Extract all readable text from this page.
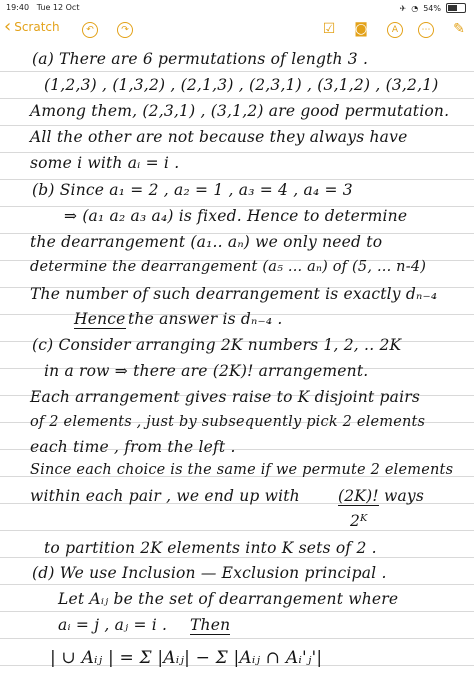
19:40 Tue 12 Oct	✈ ◔ 54%
‹ Scratch	↶	↷	☑ ◙	A	⋯ ✎
(a) There are 6 permutations of length 3 .
(1,2,3) , (1,3,2) , (2,1,3) , (2,3,1) , (3,1,2) , (3,2,1)
Among them, (2,3,1) , (3,1,2) are good permutation.
All the other are not because they always have
some i with aᵢ = i .
(b) Since a₁ = 2 , a₂ = 1 , a₃ = 4 , a₄ = 3
⇒ (a₁ a₂ a₃ a₄) is fixed. Hence to determine
the dearrangement (a₁.. aₙ) we only need to
determine the dearrangement (a₅ ... aₙ) of (5, ... n-4)
The number of such dearrangement is exactly dₙ₋₄
Hence the answer is dₙ₋₄ .
(c) Consider arranging 2K numbers 1, 2, .. 2K
in a row ⇒ there are (2K)! arrangement.
Each arrangement gives raise to K disjoint pairs
of 2 elements , just by subsequently pick 2 elements
each time , from the left .
Since each choice is the same if we permute 2 elements
within each pair , we end up with (2K)! ways
2ᴷ
to partition 2K elements into K sets of 2 .
(d) We use Inclusion — Exclusion principal .
Let Aᵢⱼ be the set of dearrangement where
aᵢ = j , aⱼ = i . Then
| ∪ Aᵢⱼ | = Σ |Aᵢⱼ| − Σ |Aᵢⱼ ∩ Aᵢ'ⱼ'|
